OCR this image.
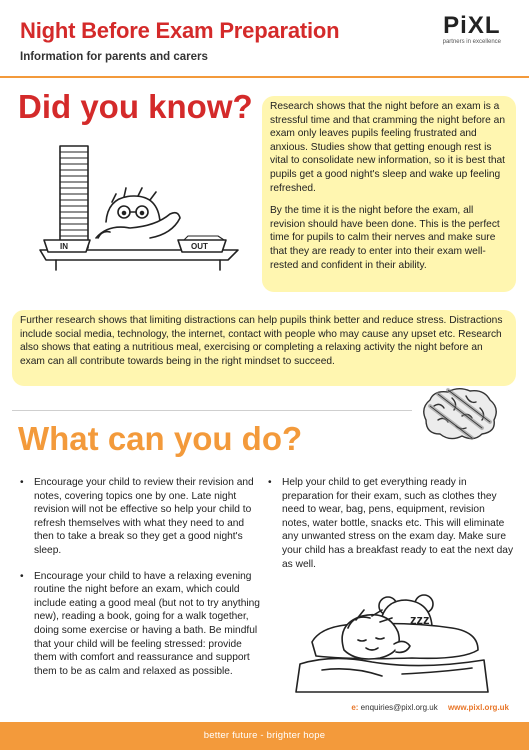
Night Before Exam Preparation
Information for parents and carers
PiXL
partners in excellence
Did you know?
IN	OUT

Research shows that the night before an exam is a stressful time and that cramming the night before an exam only leaves pupils feeling frustrated and anxious. Studies show that getting enough rest is vital to consolidate new information, so it is best that pupils get a good night's sleep and wake up feeling refreshed.

By the time it is the night before the exam, all revision should have been done. This is the perfect time for pupils to calm their nerves and make sure that they are ready to enter into their exam well-rested and confident in their ability.

Further research shows that limiting distractions can help pupils think better and reduce stress. Distractions include social media, technology, the internet, contact with people who may cause any upset etc. Research also shows that eating a nutritious meal, exercising or completing a relaxing activity the night before an exam can all contribute towards being in the right mindset to succeed.

What can you do?
• Encourage your child to review their revision and notes, covering topics one by one. Late night revision will not be effective so help your child to refresh themselves with what they need to and then to take a break so they get a good night's sleep.
• Encourage your child to have a relaxing evening routine the night before an exam, which could include eating a good meal (but not to try anything new), reading a book, going for a walk together, doing some exercise or having a bath. Be mindful that your child will be feeling stressed: provide them with comfort and reassurance and support them to be as calm and relaxed as possible.
• Help your child to get everything ready in preparation for their exam, such as clothes they need to wear, bag, pens, equipment, revision notes, water bottle, snacks etc. This will eliminate any unwanted stress on the exam day. Make sure your child has a breakfast ready to eat the next day as well.
zzz
e: enquiries@pixl.org.uk www.pixl.org.uk
better future - brighter hope
